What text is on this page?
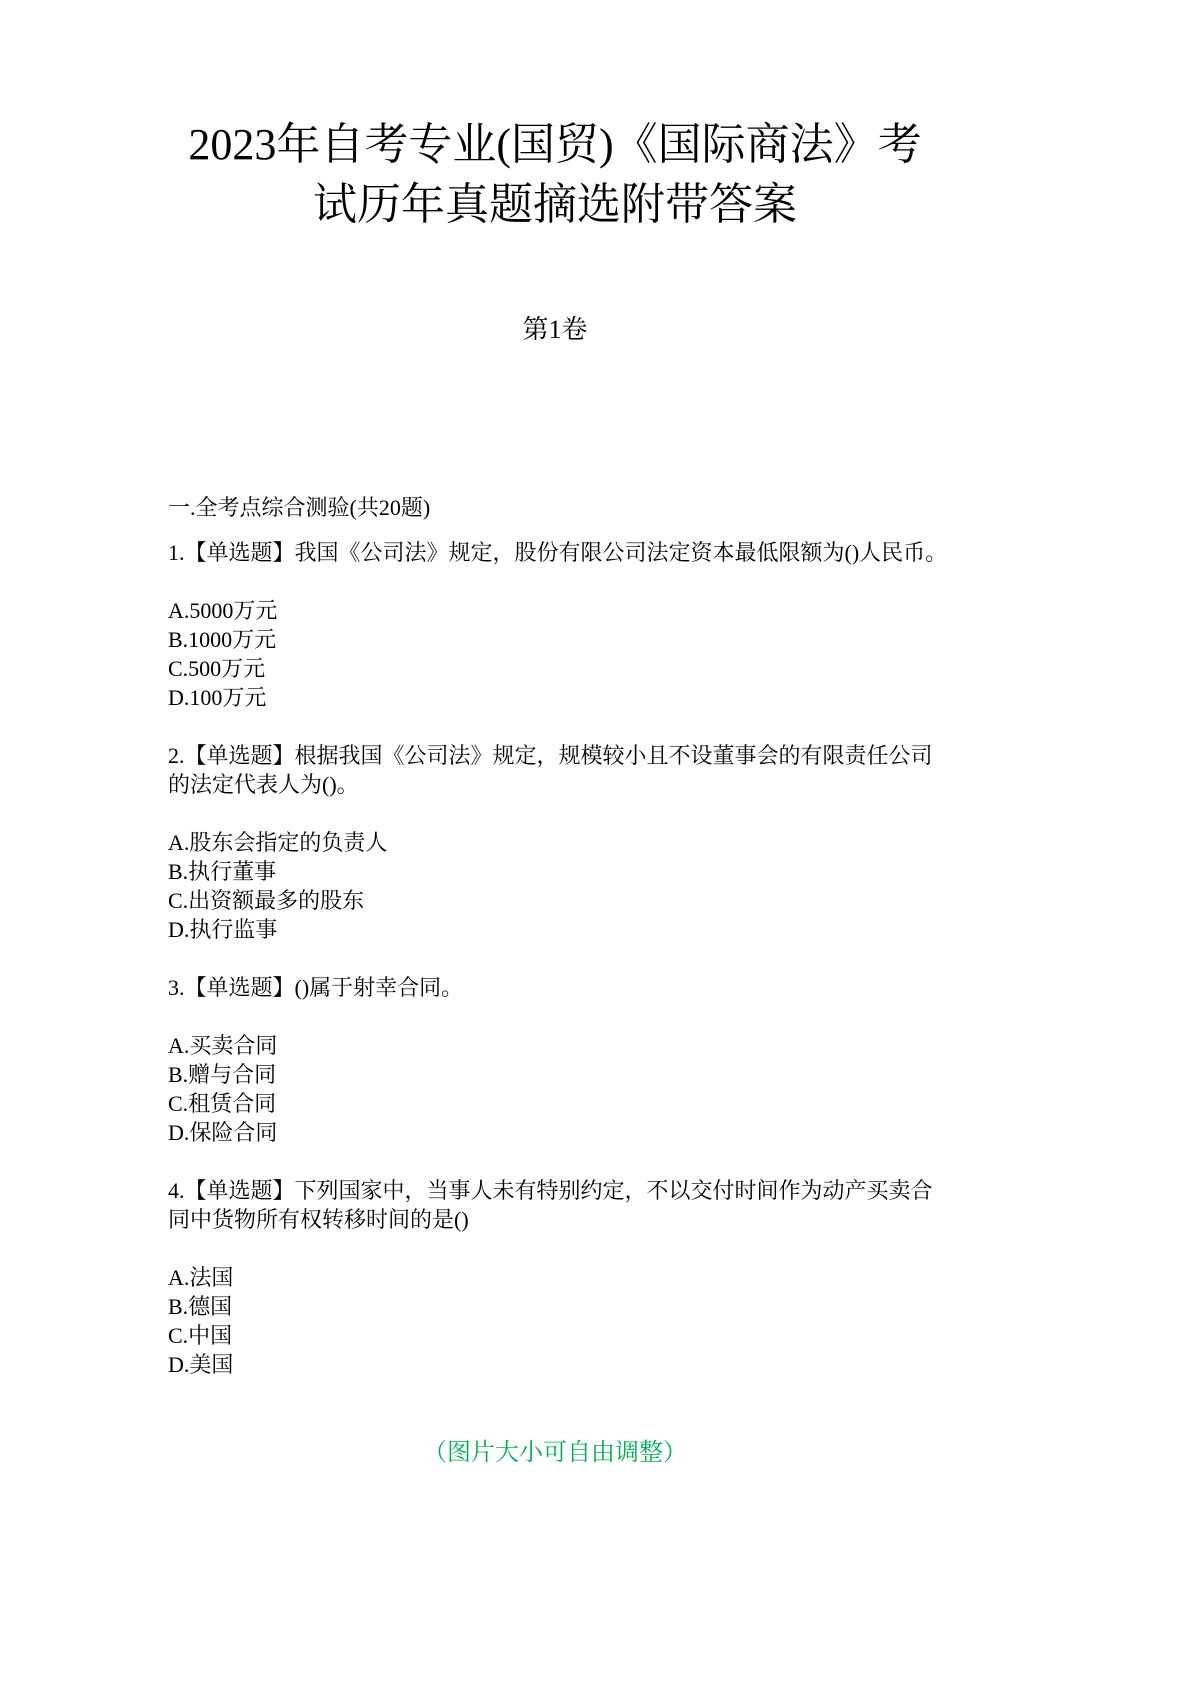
2023年自考专业(国贸)《国际商法》考
试历年真题摘选附带答案
第1卷
一.全考点综合测验(共20题)
1.【单选题】我国《公司法》规定，股份有限公司法定资本最低限额为()人民币。
A.5000万元
B.1000万元
C.500万元
D.100万元
2.【单选题】根据我国《公司法》规定，规模较小且不设董事会的有限责任公司
的法定代表人为()。
A.股东会指定的负责人
B.执行董事
C.出资额最多的股东
D.执行监事
3.【单选题】()属于射幸合同。
A.买卖合同
B.赠与合同
C.租赁合同
D.保险合同
4.【单选题】下列国家中，当事人未有特别约定，不以交付时间作为动产买卖合
同中货物所有权转移时间的是()
A.法国
B.德国
C.中国
D.美国
（图片大小可自由调整）
